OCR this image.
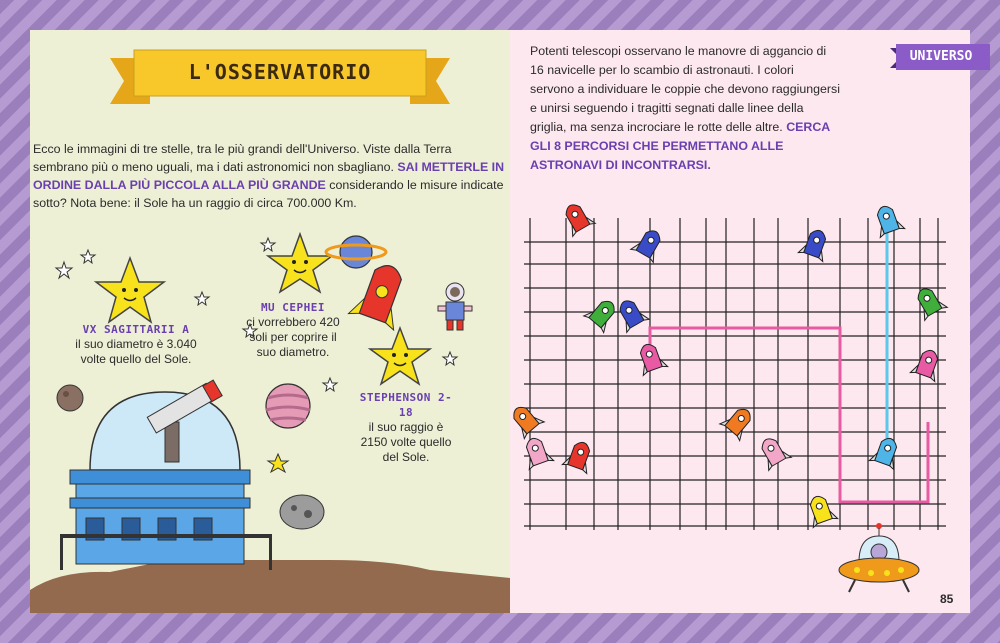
L'OSSERVATORIO
Ecco le immagini di tre stelle, tra le più grandi dell'Universo. Viste dalla Terra sembrano più o meno uguali, ma i dati astronomici non sbagliano. SAI METTERLE IN ORDINE DALLA PIÙ PICCOLA ALLA PIÙ GRANDE considerando le misure indicate sotto? Nota bene: il Sole ha un raggio di circa 700.000 Km.
VX SAGITTARII A
il suo diametro è 3.040 volte quello del Sole.
MU CEPHEI
ci vorrebbero 420 soli per coprire il suo diametro.
STEPHENSON 2-18
il suo raggio è 2150 volte quello del Sole.
Potenti telescopi osservano le manovre di aggancio di 16 navicelle per lo scambio di astronauti. I colori servono a individuare le coppie che devono raggiungersi e unirsi seguendo i tragitti segnati dalle linee della griglia, ma senza incrociare le rotte delle altre. CERCA GLI 8 PERCORSI CHE PERMETTANO ALLE ASTRONAVI DI INCONTRARSI.
UNIVERSO
85
